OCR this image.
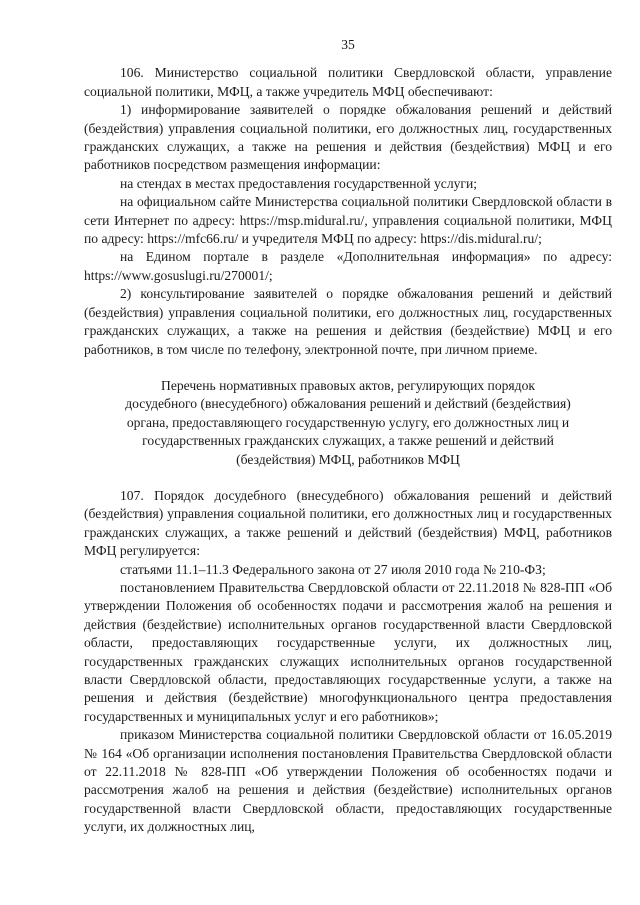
35

106. Министерство социальной политики Свердловской области, управление социальной политики, МФЦ, а также учредитель МФЦ обеспечивают:

1) информирование заявителей о порядке обжалования решений и действий (бездействия) управления социальной политики, его должностных лиц, государственных гражданских служащих, а также на решения и действия (бездействия) МФЦ и его работников посредством размещения информации:

на стендах в местах предоставления государственной услуги;

на официальном сайте Министерства социальной политики Свердловской области в сети Интернет по адресу: https://msp.midural.ru/, управления социальной политики, МФЦ по адресу: https://mfc66.ru/ и учредителя МФЦ по адресу: https://dis.midural.ru/;

на Едином портале в разделе «Дополнительная информация» по адресу: https://www.gosuslugi.ru/270001/;

2) консультирование заявителей о порядке обжалования решений и действий (бездействия) управления социальной политики, его должностных лиц, государственных гражданских служащих, а также на решения и действия (бездействие) МФЦ и его работников, в том числе по телефону, электронной почте, при личном приеме.

Перечень нормативных правовых актов, регулирующих порядок
досудебного (внесудебного) обжалования решений и действий (бездействия)
органа, предоставляющего государственную услугу, его должностных лиц и
государственных гражданских служащих, а также решений и действий
(бездействия) МФЦ, работников МФЦ

107. Порядок досудебного (внесудебного) обжалования решений и действий (бездействия) управления социальной политики, его должностных лиц и государственных гражданских служащих, а также решений и действий (бездействия) МФЦ, работников МФЦ регулируется:

статьями 11.1–11.3 Федерального закона от 27 июля 2010 года № 210-ФЗ;

постановлением Правительства Свердловской области от 22.11.2018 № 828-ПП «Об утверждении Положения об особенностях подачи и рассмотрения жалоб на решения и действия (бездействие) исполнительных органов государственной власти Свердловской области, предоставляющих государственные услуги, их должностных лиц, государственных гражданских служащих исполнительных органов государственной власти Свердловской области, предоставляющих государственные услуги, а также на решения и действия (бездействие) многофункционального центра предоставления государственных и муниципальных услуг и его работников»;

приказом Министерства социальной политики Свердловской области от 16.05.2019 № 164 «Об организации исполнения постановления Правительства Свердловской области от 22.11.2018 № 828-ПП «Об утверждении Положения об особенностях подачи и рассмотрения жалоб на решения и действия (бездействие) исполнительных органов государственной власти Свердловской области, предоставляющих государственные услуги, их должностных лиц,
